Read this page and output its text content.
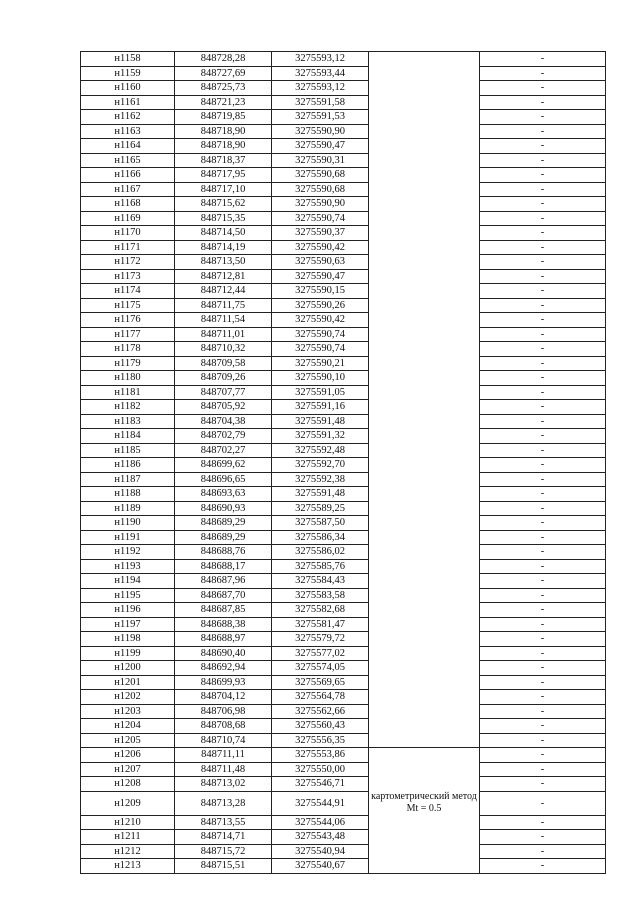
н1158	848728,28	3275593,12		-
н1159	848727,69	3275593,44		-
н1160	848725,73	3275593,12		-
н1161	848721,23	3275591,58		-
н1162	848719,85	3275591,53		-
н1163	848718,90	3275590,90		-
н1164	848718,90	3275590,47		-
н1165	848718,37	3275590,31		-
н1166	848717,95	3275590,68		-
н1167	848717,10	3275590,68		-
н1168	848715,62	3275590,90		-
н1169	848715,35	3275590,74		-
н1170	848714,50	3275590,37		-
н1171	848714,19	3275590,42		-
н1172	848713,50	3275590,63		-
н1173	848712,81	3275590,47		-
н1174	848712,44	3275590,15		-
н1175	848711,75	3275590,26		-
н1176	848711,54	3275590,42		-
н1177	848711,01	3275590,74		-
н1178	848710,32	3275590,74		-
н1179	848709,58	3275590,21		-
н1180	848709,26	3275590,10		-
н1181	848707,77	3275591,05		-
н1182	848705,92	3275591,16		-
н1183	848704,38	3275591,48		-
н1184	848702,79	3275591,32		-
н1185	848702,27	3275592,48		-
н1186	848699,62	3275592,70		-
н1187	848696,65	3275592,38		-
н1188	848693,63	3275591,48		-
н1189	848690,93	3275589,25		-
н1190	848689,29	3275587,50		-
н1191	848689,29	3275586,34		-
н1192	848688,76	3275586,02		-
н1193	848688,17	3275585,76		-
н1194	848687,96	3275584,43		-
н1195	848687,70	3275583,58		-
н1196	848687,85	3275582,68		-
н1197	848688,38	3275581,47		-
н1198	848688,97	3275579,72		-
н1199	848690,40	3275577,02		-
н1200	848692,94	3275574,05		-
н1201	848699,93	3275569,65		-
н1202	848704,12	3275564,78		-
н1203	848706,98	3275562,66		-
н1204	848708,68	3275560,43		-
н1205	848710,74	3275556,35		-
н1206	848711,11	3275553,86		-
н1207	848711,48	3275550,00		-
н1208	848713,02	3275546,71		-
н1209	848713,28	3275544,91	картометрический метод Mt = 0.5	-
н1210	848713,55	3275544,06		-
н1211	848714,71	3275543,48		-
н1212	848715,72	3275540,94		-
н1213	848715,51	3275540,67		-
